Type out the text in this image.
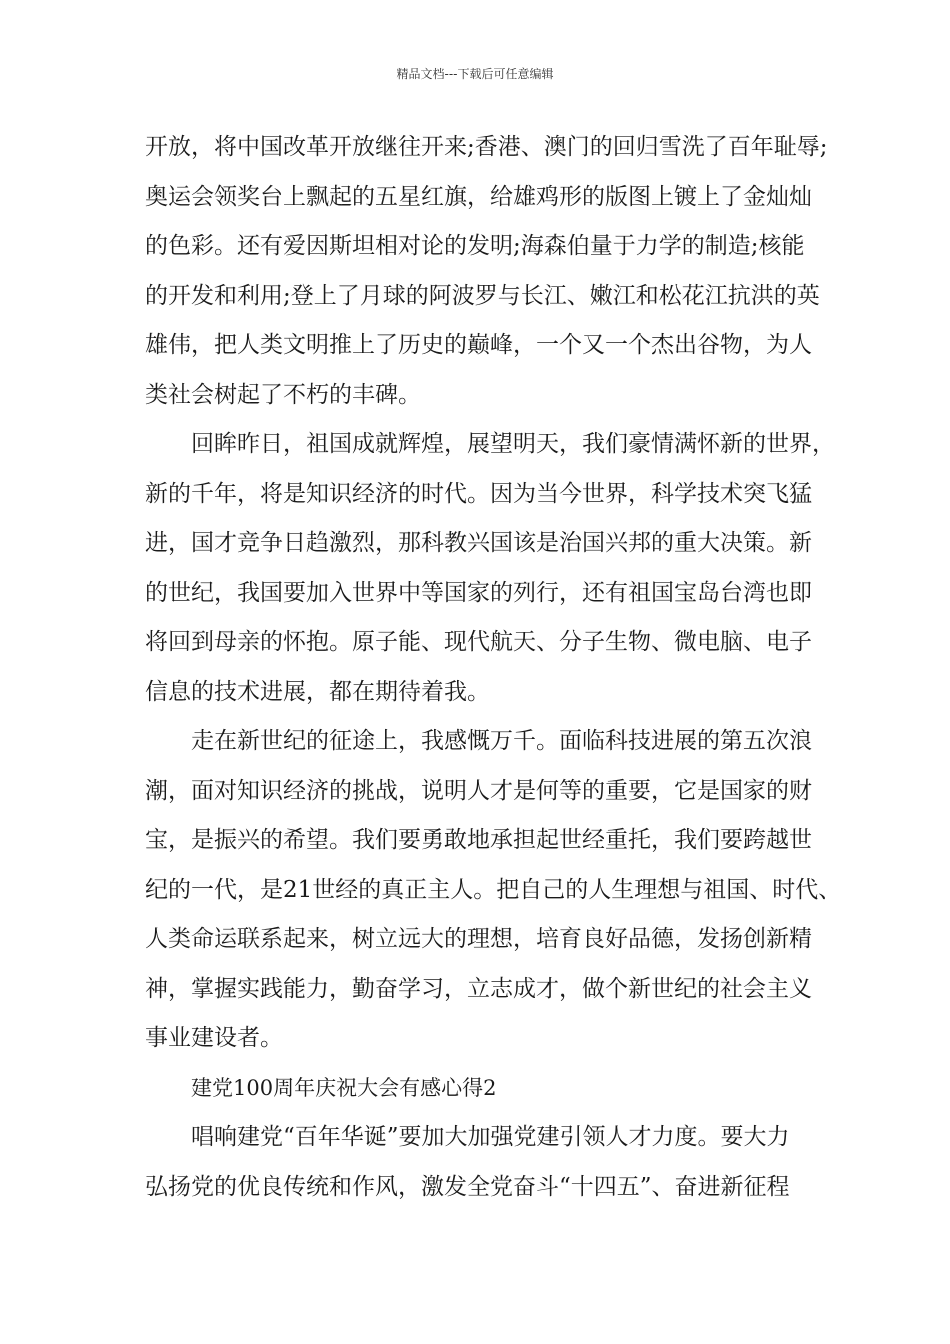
精品文档---下载后可任意编辑
开放，将中国改革开放继往开来;香港、澳门的回归雪洗了百年耻辱;
奥运会领奖台上飘起的五星红旗，给雄鸡形的版图上镀上了金灿灿
的色彩。还有爱因斯坦相对论的发明;海森伯量于力学的制造;核能
的开发和利用;登上了月球的阿波罗与长江、嫩江和松花江抗洪的英
雄伟，把人类文明推上了历史的巅峰，一个又一个杰出谷物，为人
类社会树起了不朽的丰碑。
回眸昨日，祖国成就辉煌，展望明天，我们豪情满怀新的世界，
新的千年，将是知识经济的时代。因为当今世界，科学技术突飞猛
进，国才竞争日趋激烈，那科教兴国该是治国兴邦的重大决策。新
的世纪，我国要加入世界中等国家的列行，还有祖国宝岛台湾也即
将回到母亲的怀抱。原子能、现代航天、分子生物、微电脑、电子
信息的技术进展，都在期待着我。
走在新世纪的征途上，我感慨万千。面临科技进展的第五次浪
潮，面对知识经济的挑战，说明人才是何等的重要，它是国家的财
宝，是振兴的希望。我们要勇敢地承担起世经重托，我们要跨越世
纪的一代，是21世经的真正主人。把自己的人生理想与祖国、时代、
人类命运联系起来，树立远大的理想，培育良好品德，发扬创新精
神，掌握实践能力，勤奋学习，立志成才，做个新世纪的社会主义
事业建设者。
建党100周年庆祝大会有感心得2
唱响建党“百年华诞”要加大加强党建引领人才力度。要大力
弘扬党的优良传统和作风，激发全党奋斗“十四五”、奋进新征程
